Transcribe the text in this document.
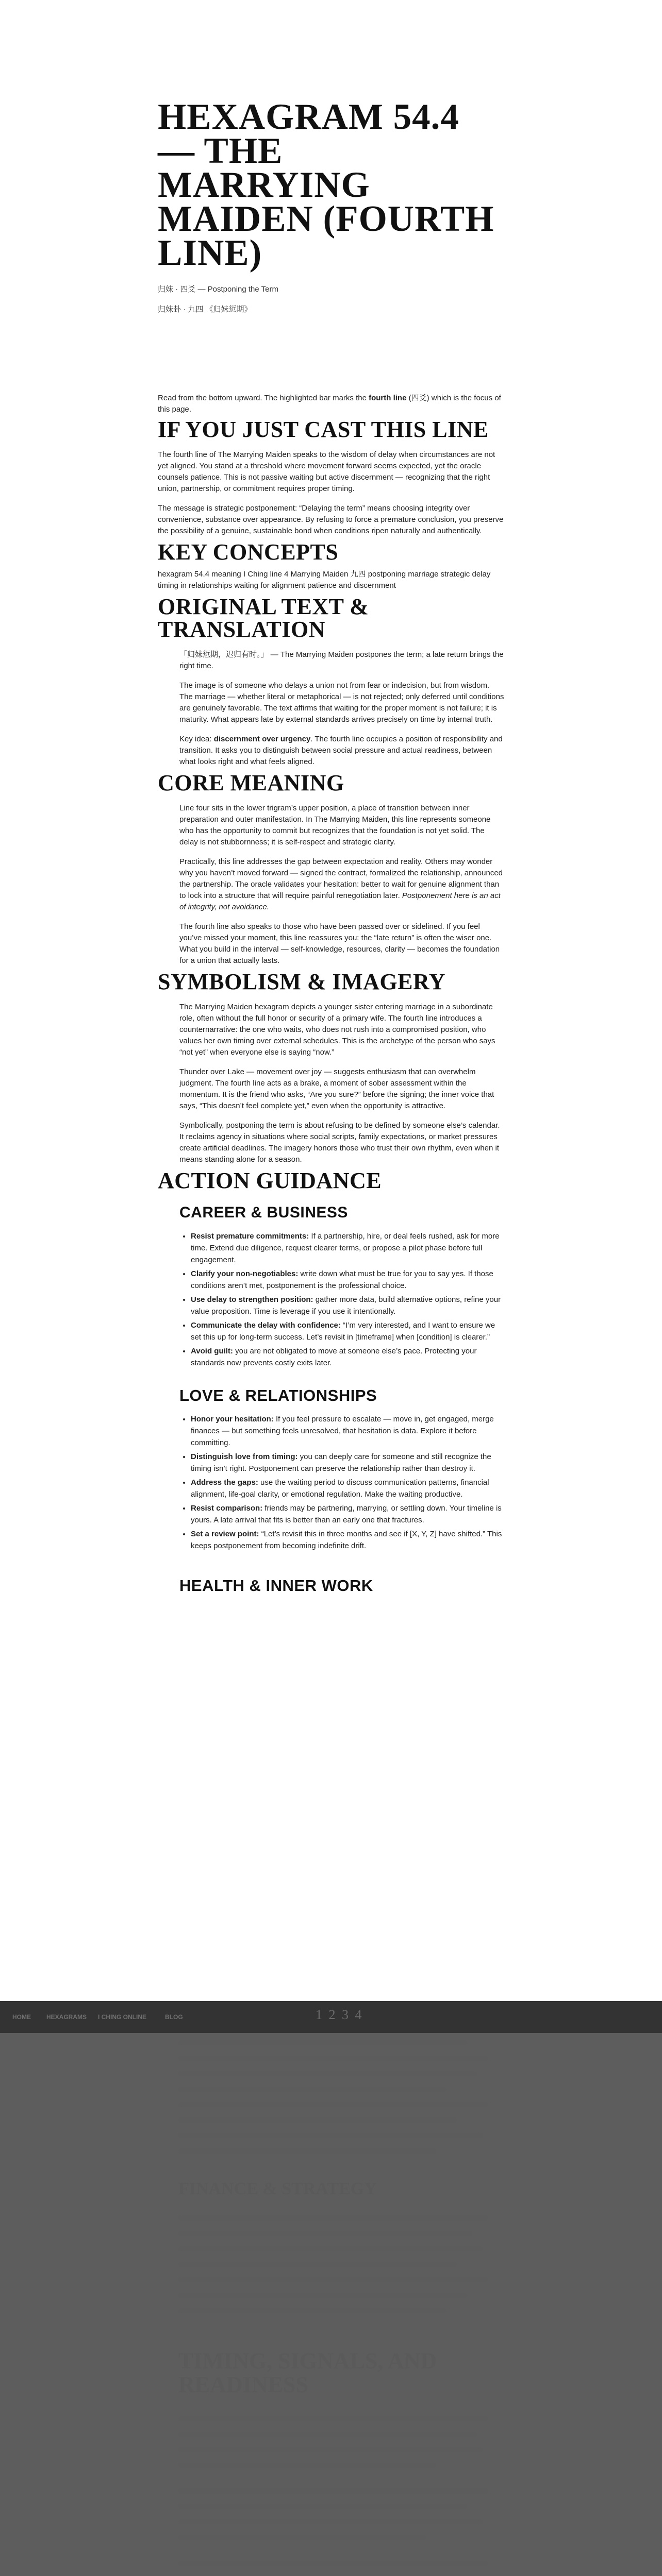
HEXAGRAM 54.4 — THE MARRYING MAIDEN (FOURTH LINE)
归妹 · 四爻 — Postponing the Term
归妹卦 · 九四 《归妹愆期》

Read from the bottom upward. The highlighted bar marks the fourth line (四爻) which is the focus of this page.

IF YOU JUST CAST THIS LINE

The fourth line of The Marrying Maiden speaks to the wisdom of delay when circumstances are not yet aligned. You stand at a threshold where movement forward seems expected, yet the oracle counsels patience. This is not passive waiting but active discernment — recognizing that the right union, partnership, or commitment requires proper timing.

The message is strategic postponement: “Delaying the term” means choosing integrity over convenience, substance over appearance. By refusing to force a premature conclusion, you preserve the possibility of a genuine, sustainable bond when conditions ripen naturally and authentically.

KEY CONCEPTS

hexagram 54.4 meaning I Ching line 4 Marrying Maiden 九四 postponing marriage strategic delay timing in relationships waiting for alignment patience and discernment

ORIGINAL TEXT & TRANSLATION

「归妹愆期，迟归有时。」 — The Marrying Maiden postpones the term; a late return brings the right time.

The image is of someone who delays a union not from fear or indecision, but from wisdom. The marriage — whether literal or metaphorical — is not rejected; only deferred until conditions are genuinely favorable. The text affirms that waiting for the proper moment is not failure; it is maturity. What appears late by external standards arrives precisely on time by internal truth.

Key idea: discernment over urgency. The fourth line occupies a position of responsibility and transition. It asks you to distinguish between social pressure and actual readiness, between what looks right and what feels aligned.

CORE MEANING

Line four sits in the lower trigram’s upper position, a place of transition between inner preparation and outer manifestation. In The Marrying Maiden, this line represents someone who has the opportunity to commit but recognizes that the foundation is not yet solid. The delay is not stubbornness; it is self-respect and strategic clarity.

Practically, this line addresses the gap between expectation and reality. Others may wonder why you haven’t moved forward — signed the contract, formalized the relationship, announced the partnership. The oracle validates your hesitation: better to wait for genuine alignment than to lock into a structure that will require painful renegotiation later. Postponement here is an act of integrity, not avoidance.

The fourth line also speaks to those who have been passed over or sidelined. If you feel you’ve missed your moment, this line reassures you: the “late return” is often the wiser one. What you build in the interval — self-knowledge, resources, clarity — becomes the foundation for a union that actually lasts.

SYMBOLISM & IMAGERY

The Marrying Maiden hexagram depicts a younger sister entering marriage in a subordinate role, often without the full honor or security of a primary wife. The fourth line introduces a counternarrative: the one who waits, who does not rush into a compromised position, who values her own timing over external schedules. This is the archetype of the person who says “not yet” when everyone else is saying “now.”

Thunder over Lake — movement over joy — suggests enthusiasm that can overwhelm judgment. The fourth line acts as a brake, a moment of sober assessment within the momentum. It is the friend who asks, “Are you sure?” before the signing; the inner voice that says, “This doesn’t feel complete yet,” even when the opportunity is attractive.

Symbolically, postponing the term is about refusing to be defined by someone else’s calendar. It reclaims agency in situations where social scripts, family expectations, or market pressures create artificial deadlines. The imagery honors those who trust their own rhythm, even when it means standing alone for a season.

ACTION GUIDANCE
CAREER & BUSINESS
• Resist premature commitments: If a partnership, hire, or deal feels rushed, ask for more time. Extend due diligence, request clearer terms, or propose a pilot phase before full engagement.
• Clarify your non-negotiables: write down what must be true for you to say yes. If those conditions aren’t met, postponement is the professional choice.
• Use delay to strengthen position: gather more data, build alternative options, refine your value proposition. Time is leverage if you use it intentionally.
• Communicate the delay with confidence: “I’m very interested, and I want to ensure we set this up for long-term success. Let’s revisit in [timeframe] when [condition] is clearer.”
• Avoid guilt: you are not obligated to move at someone else’s pace. Protecting your standards now prevents costly exits later.
LOVE & RELATIONSHIPS
• Honor your hesitation: If you feel pressure to escalate — move in, get engaged, merge finances — but something feels unresolved, that hesitation is data. Explore it before committing.
• Distinguish love from timing: you can deeply care for someone and still recognize the timing isn’t right. Postponement can preserve the relationship rather than destroy it.
• Address the gaps: use the waiting period to discuss communication patterns, financial alignment, life-goal clarity, or emotional regulation. Make the waiting productive.
• Resist comparison: friends may be partnering, marrying, or settling down. Your timeline is yours. A late arrival that fits is better than an early one that fractures.
• Set a review point: “Let’s revisit this in three months and see if [X, Y, Z] have shifted.” This keeps postponement from becoming indefinite drift.
HEALTH & INNER WORK
HOME	HEXAGRAMS I CHING ONLINE	BLOG	1 2 3 4
FINANCE & STRATEGY
TIMING, SIGNALS, AND READINESS
